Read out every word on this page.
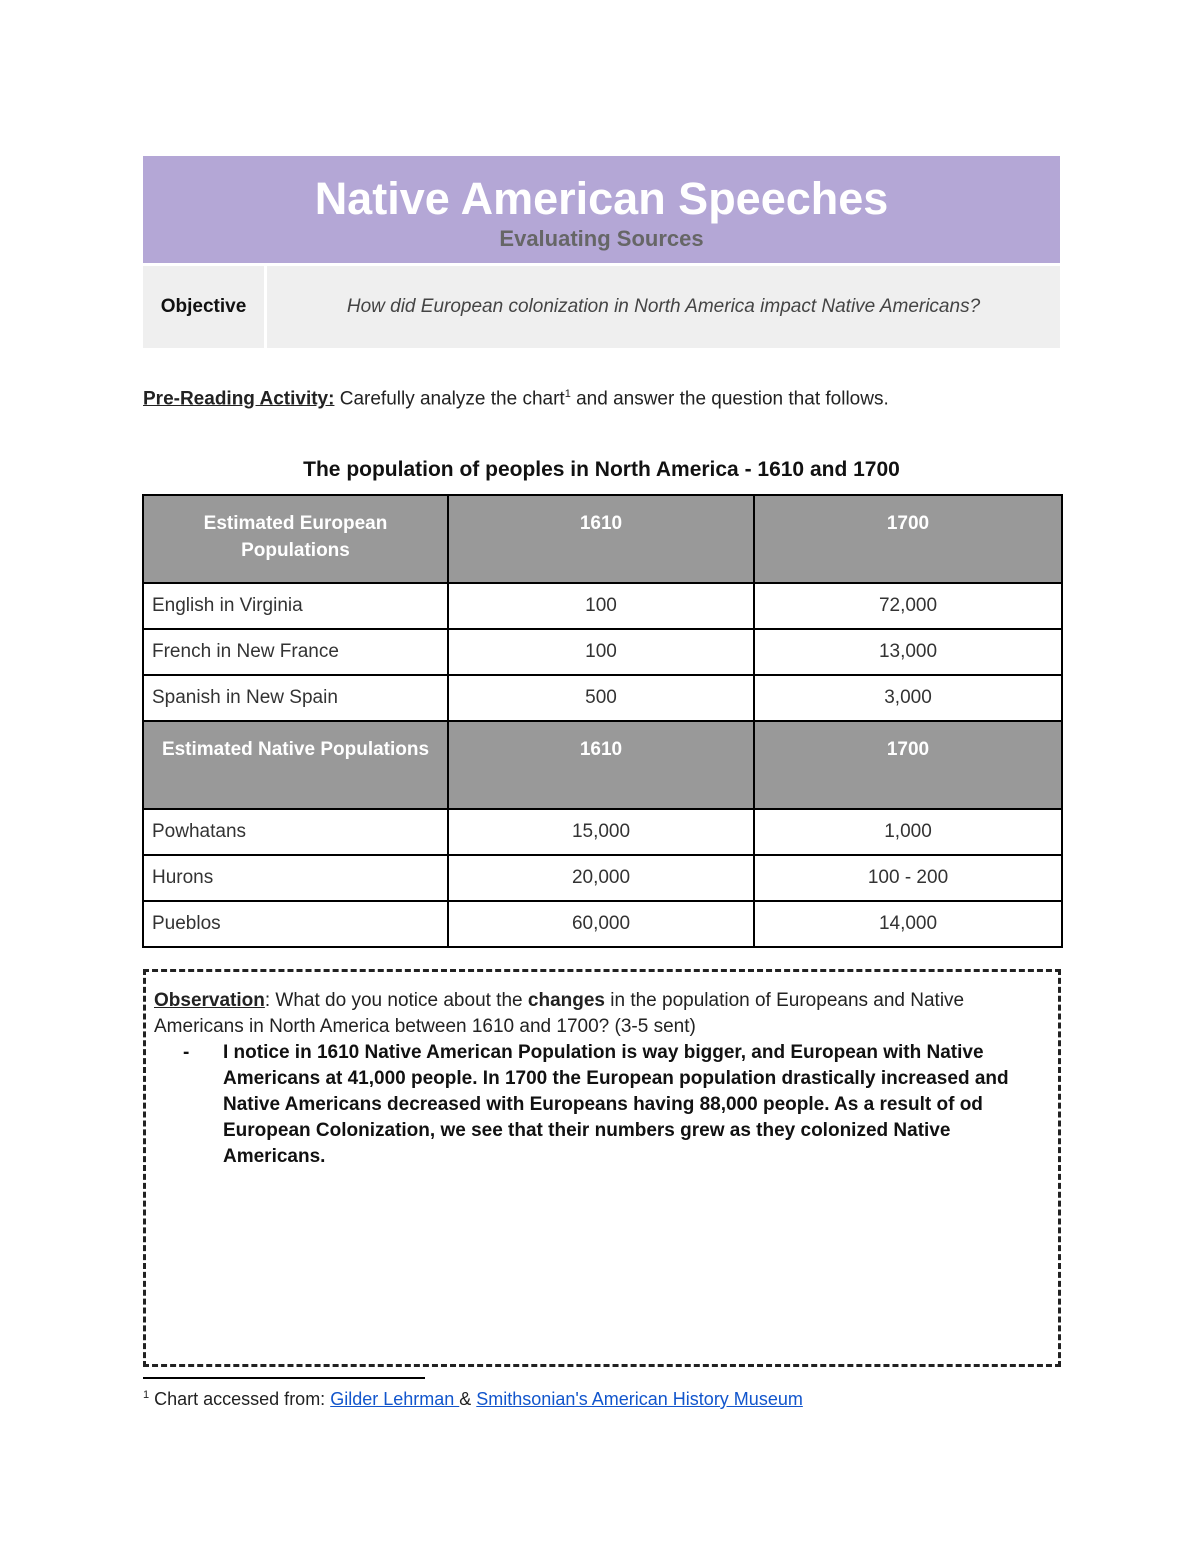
Native American Speeches
Evaluating Sources
Objective	How did European colonization in North America impact Native Americans?
Pre-Reading Activity: Carefully analyze the chart$^1$ and answer the question that follows.
The population of peoples in North America - 1610 and 1700
Estimated European Populations	1610	1700
English in Virginia	100	72,000
French in New France	100	13,000
Spanish in New Spain	500	3,000
Estimated Native Populations	1610	1700
Powhatans	15,000	1,000
Hurons	20,000	100 - 200
Pueblos	60,000	14,000
Observation: What do you notice about the changes in the population of Europeans and Native Americans in North America between 1610 and 1700? (3-5 sent)
- I notice in 1610 Native American Population is way bigger, and European with Native Americans at 41,000 people. In 1700 the European population drastically increased and Native Americans decreased with Europeans having 88,000 people. As a result of od European Colonization, we see that their numbers grew as they colonized Native Americans.
$^1$ Chart accessed from: Gilder Lehrman & Smithsonian's American History Museum
